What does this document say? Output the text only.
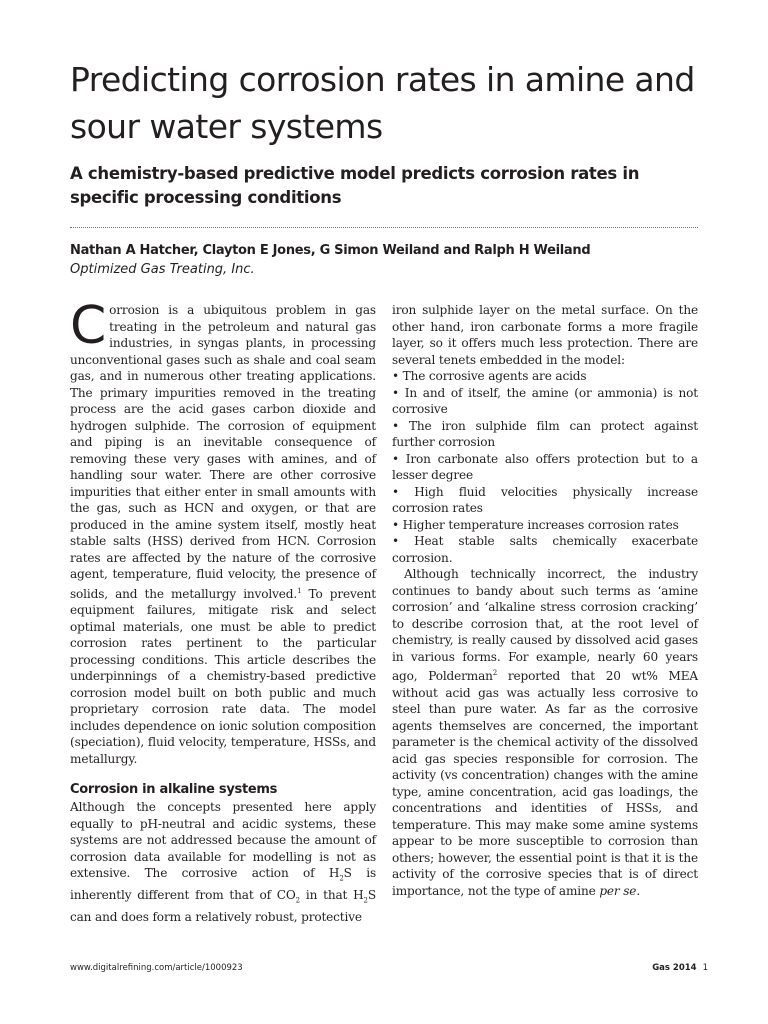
Predicting corrosion rates in amine and sour water systems
A chemistry-based predictive model predicts corrosion rates in specific processing conditions
Nathan A Hatcher, Clayton E Jones, G Simon Weiland and Ralph H Weiland
Optimized Gas Treating, Inc.

Corrosion is a ubiquitous problem in gas treating in the petroleum and natural gas industries, in syngas plants, in processing unconventional gases such as shale and coal seam gas, and in numerous other treating applications. The primary impurities removed in the treating process are the acid gases carbon dioxide and hydrogen sulphide. The corrosion of equipment and piping is an inevitable consequence of removing these very gases with amines, and of handling sour water. There are other corrosive impurities that either enter in small amounts with the gas, such as HCN and oxygen, or that are produced in the amine system itself, mostly heat stable salts (HSS) derived from HCN. Corrosion rates are affected by the nature of the corrosive agent, temperature, fluid velocity, the presence of solids, and the metallurgy involved.$^1$ To prevent equipment failures, mitigate risk and select optimal materials, one must be able to predict corrosion rates pertinent to the particular processing conditions. This article describes the underpinnings of a chemistry-based predictive corrosion model built on both public and much proprietary corrosion rate data. The model includes dependence on ionic solution composition (speciation), fluid velocity, temperature, HSSs, and metallurgy.

Corrosion in alkaline systems

Although the concepts presented here apply equally to pH-neutral and acidic systems, these systems are not addressed because the amount of corrosion data available for modelling is not as extensive. The corrosive action of $H_2S$ is inherently different from that of $CO_2$ in that $H_2S$ can and does form a relatively robust, protective

iron sulphide layer on the metal surface. On the other hand, iron carbonate forms a more fragile layer, so it offers much less protection. There are several tenets embedded in the model:

• The corrosive agents are acids
• In and of itself, the amine (or ammonia) is not corrosive
• The iron sulphide film can protect against further corrosion
• Iron carbonate also offers protection but to a lesser degree
• High fluid velocities physically increase corrosion rates
• Higher temperature increases corrosion rates
• Heat stable salts chemically exacerbate corrosion.

Although technically incorrect, the industry continues to bandy about such terms as ‘amine corrosion’ and ‘alkaline stress corrosion cracking’ to describe corrosion that, at the root level of chemistry, is really caused by dissolved acid gases in various forms. For example, nearly 60 years ago, Polderman$^2$ reported that 20 wt% MEA without acid gas was actually less corrosive to steel than pure water. As far as the corrosive agents themselves are concerned, the important parameter is the chemical activity of the dissolved acid gas species responsible for corrosion. The activity (vs concentration) changes with the amine type, amine concentration, acid gas loadings, the concentrations and identities of HSSs, and temperature. This may make some amine systems appear to be more susceptible to corrosion than others; however, the essential point is that it is the activity of the corrosive species that is of direct importance, not the type of amine per se.

www.digitalrefining.com/article/1000923	Gas 2014 1
